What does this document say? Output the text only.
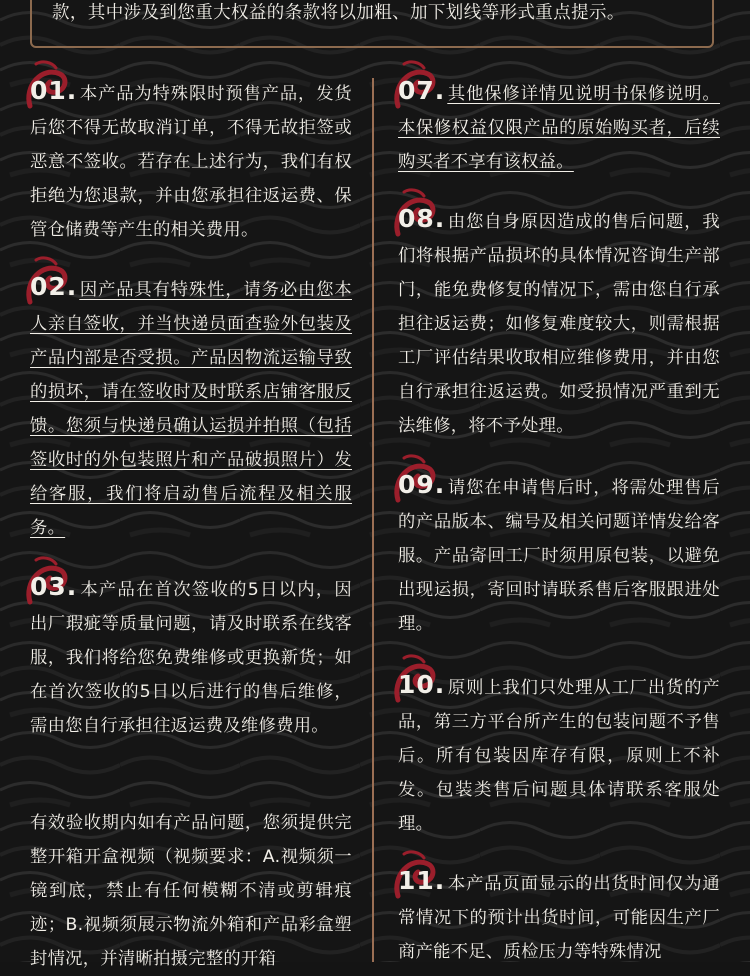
款，其中涉及到您重大权益的条款将以加粗、加下划线等形式重点提示。
01. 本产品为特殊限时预售产品，发货后您不得无故取消订单，不得无故拒签或恶意不签收。若存在上述行为，我们有权拒绝为您退款，并由您承担往返运费、保管仓储费等产生的相关费用。
02. 因产品具有特殊性，请务必由您本人亲自签收，并当快递员面查验外包装及产品内部是否受损。产品因物流运输导致的损坏，请在签收时及时联系店铺客服反馈。您须与快递员确认运损并拍照（包括签收时的外包装照片和产品破损照片）发给客服，我们将启动售后流程及相关服务。
03. 本产品在首次签收的5日以内，因出厂瑕疵等质量问题，请及时联系在线客服，我们将给您免费维修或更换新货；如在首次签收的5日以后进行的售后维修，需由您自行承担往返运费及维修费用。
有效验收期内如有产品问题，您须提供完整开箱开盒视频（视频要求：A.视频须一镜到底，禁止有任何模糊不清或剪辑痕迹；B.视频须展示物流外箱和产品彩盒塑封情况，并清晰拍摄完整的开箱
07. 其他保修详情见说明书保修说明。本保修权益仅限产品的原始购买者，后续购买者不享有该权益。
08. 由您自身原因造成的售后问题，我们将根据产品损坏的具体情况咨询生产部门，能免费修复的情况下，需由您自行承担往返运费；如修复难度较大，则需根据工厂评估结果收取相应维修费用，并由您自行承担往返运费。如受损情况严重到无法维修，将不予处理。
09. 请您在申请售后时，将需处理售后的产品版本、编号及相关问题详情发给客服。产品寄回工厂时须用原包装，以避免出现运损，寄回时请联系售后客服跟进处理。
10. 原则上我们只处理从工厂出货的产品，第三方平台所产生的包装问题不予售后。所有包装因库存有限，原则上不补发。包装类售后问题具体请联系客服处理。
11. 本产品页面显示的出货时间仅为通常情况下的预计出货时间，可能因生产厂商产能不足、质检压力等特殊情况
